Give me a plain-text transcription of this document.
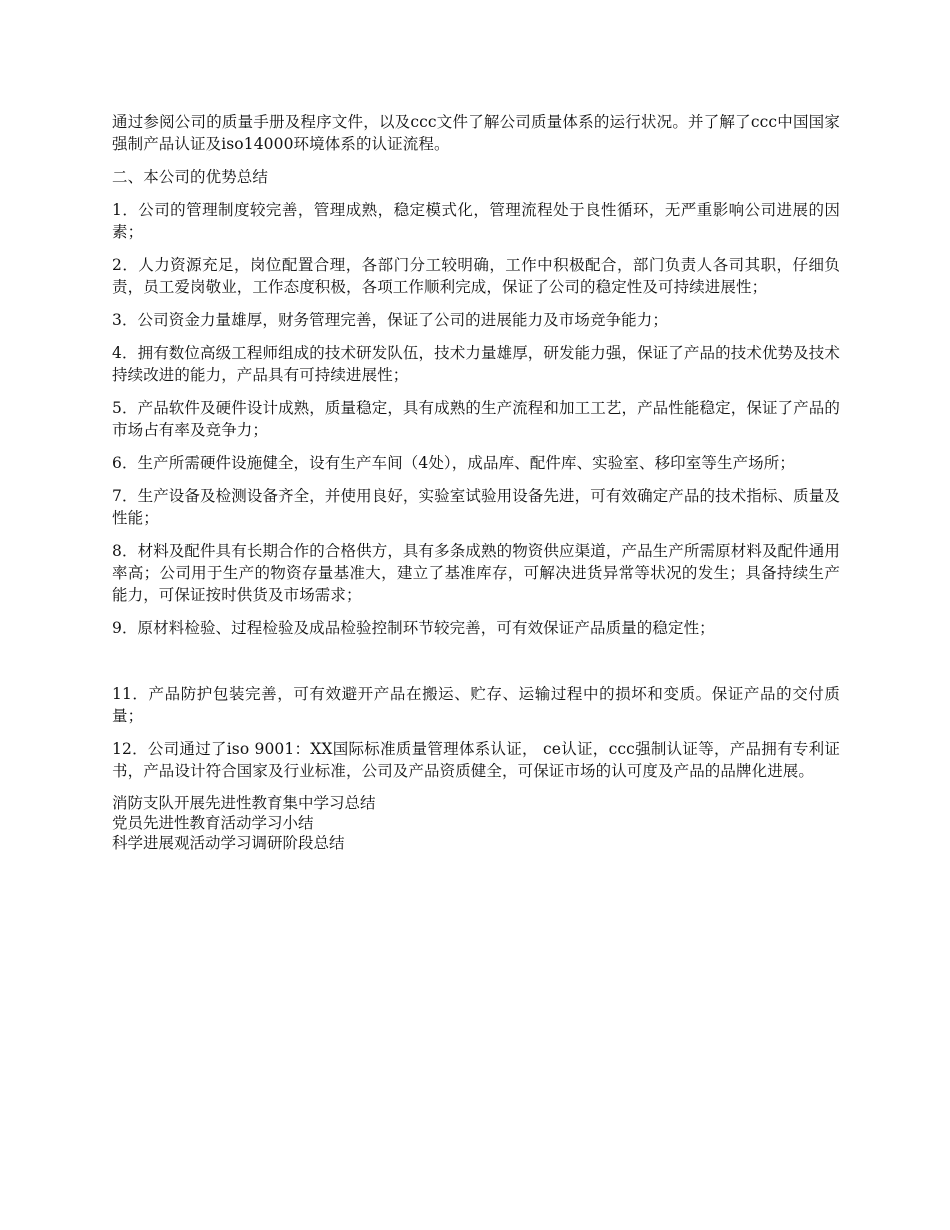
通过参阅公司的质量手册及程序文件，以及ccc文件了解公司质量体系的运行状况。并了解了ccc中国国家强制产品认证及iso14000环境体系的认证流程。

二、本公司的优势总结

1．公司的管理制度较完善，管理成熟，稳定模式化，管理流程处于良性循环，无严重影响公司进展的因素；

2．人力资源充足，岗位配置合理，各部门分工较明确，工作中积极配合，部门负责人各司其职，仔细负责，员工爱岗敬业，工作态度积极，各项工作顺利完成，保证了公司的稳定性及可持续进展性；

3．公司资金力量雄厚，财务管理完善，保证了公司的进展能力及市场竞争能力；

4．拥有数位高级工程师组成的技术研发队伍，技术力量雄厚，研发能力强，保证了产品的技术优势及技术持续改进的能力，产品具有可持续进展性；

5．产品软件及硬件设计成熟，质量稳定，具有成熟的生产流程和加工工艺，产品性能稳定，保证了产品的市场占有率及竞争力；

6．生产所需硬件设施健全，设有生产车间（4处），成品库、配件库、实验室、移印室等生产场所；

7．生产设备及检测设备齐全，并使用良好，实验室试验用设备先进，可有效确定产品的技术指标、质量及性能；

8．材料及配件具有长期合作的合格供方，具有多条成熟的物资供应渠道，产品生产所需原材料及配件通用率高；公司用于生产的物资存量基准大，建立了基准库存，可解决进货异常等状况的发生；具备持续生产能力，可保证按时供货及市场需求；

9．原材料检验、过程检验及成品检验控制环节较完善，可有效保证产品质量的稳定性；

11．产品防护包装完善，可有效避开产品在搬运、贮存、运输过程中的损坏和变质。保证产品的交付质量；

12．公司通过了iso 9001：XX国际标准质量管理体系认证， ce认证，ccc强制认证等，产品拥有专利证书，产品设计符合国家及行业标准，公司及产品资质健全，可保证市场的认可度及产品的品牌化进展。

消防支队开展先进性教育集中学习总结
党员先进性教育活动学习小结
科学进展观活动学习调研阶段总结
